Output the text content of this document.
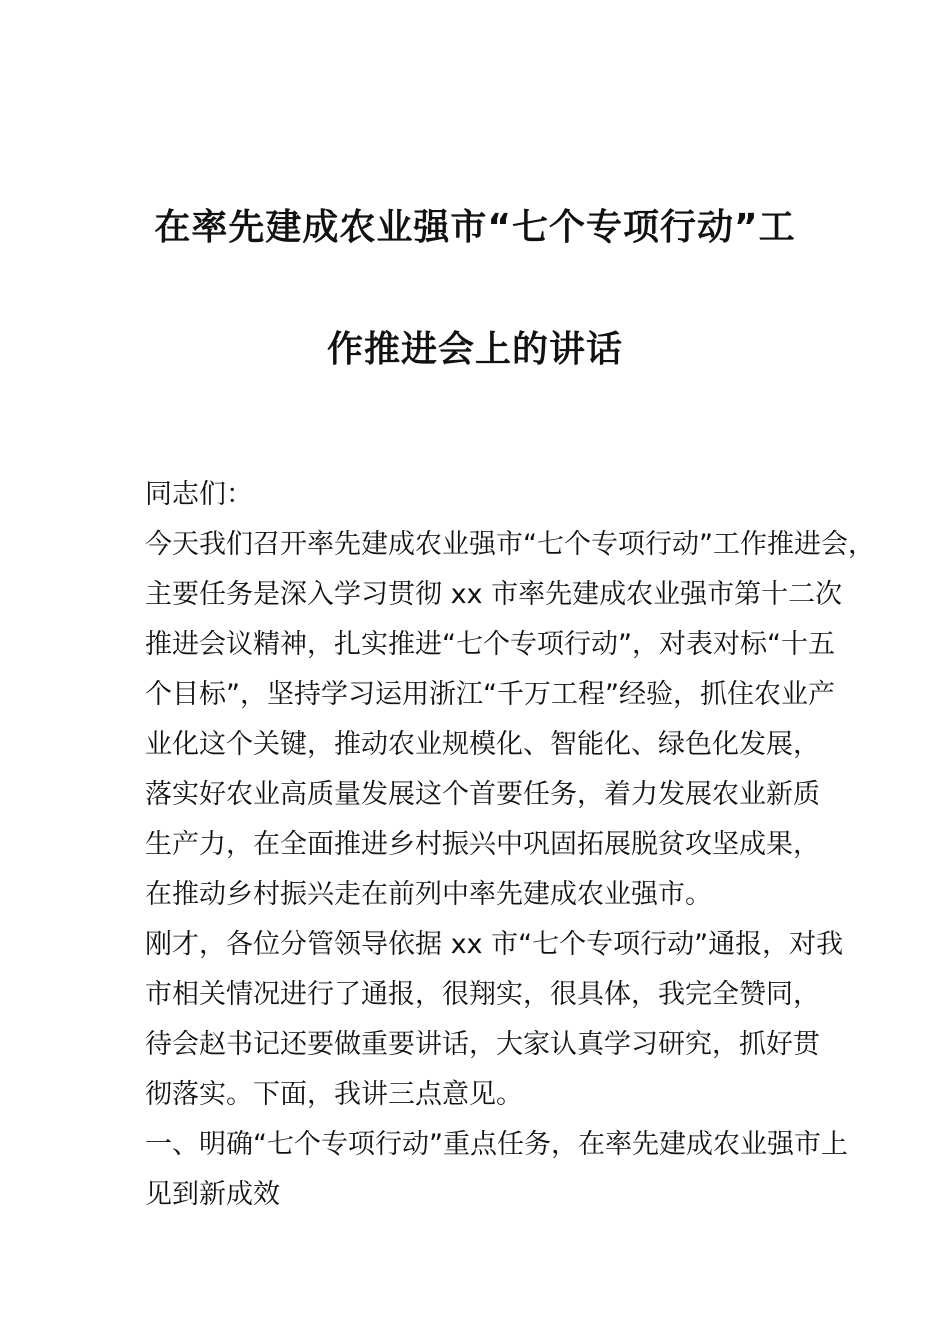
在率先建成农业强市“七个专项行动”工
作推进会上的讲话
同志们：
今天我们召开率先建成农业强市“七个专项行动”工作推进会，
主要任务是深入学习贯彻 xx 市率先建成农业强市第十二次
推进会议精神，扎实推进“七个专项行动”，对表对标“十五
个目标”，坚持学习运用浙江“千万工程”经验，抓住农业产
业化这个关键，推动农业规模化、智能化、绿色化发展，
落实好农业高质量发展这个首要任务，着力发展农业新质
生产力，在全面推进乡村振兴中巩固拓展脱贫攻坚成果，
在推动乡村振兴走在前列中率先建成农业强市。
刚才，各位分管领导依据 xx 市“七个专项行动”通报，对我
市相关情况进行了通报，很翔实，很具体，我完全赞同，
待会赵书记还要做重要讲话，大家认真学习研究，抓好贯
彻落实。下面，我讲三点意见。
一、明确“七个专项行动”重点任务，在率先建成农业强市上
见到新成效
